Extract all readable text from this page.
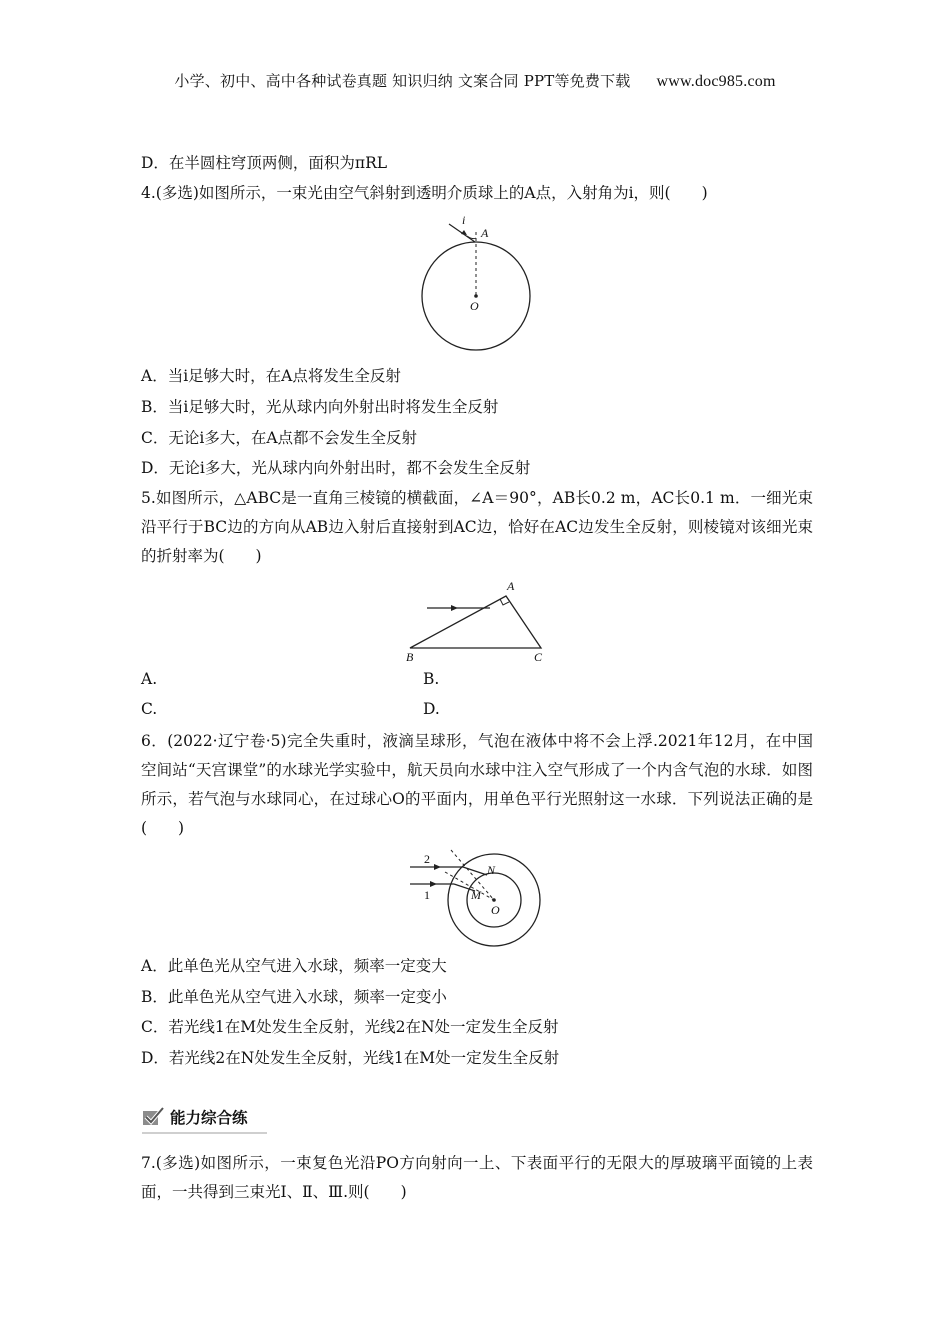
小学、初中、高中各种试卷真题 知识归纳 文案合同 PPT等免费下载 www.doc985.com
D．在半圆柱穹顶两侧，面积为πRL
4.(多选)如图所示，一束光由空气斜射到透明介质球上的A点，入射角为i，则(　　)
i
A
O
A．当i足够大时，在A点将发生全反射
B．当i足够大时，光从球内向外射出时将发生全反射
C．无论i多大，在A点都不会发生全反射
D．无论i多大，光从球内向外射出时，都不会发生全反射
5.如图所示，△ABC是一直角三棱镜的横截面，∠A＝90°，AB长0.2 m，AC长0.1 m．一细光束沿平行于BC边的方向从AB边入射后直接射到AC边，恰好在AC边发生全反射，则棱镜对该细光束的折射率为(　　)
A
B	C
A.	B.
C.	D.
6．(2022·辽宁卷·5)完全失重时，液滴呈球形，气泡在液体中将不会上浮.2021年12月，在中国空间站“天宫课堂”的水球光学实验中，航天员向水球中注入空气形成了一个内含气泡的水球．如图所示，若气泡与水球同心，在过球心O的平面内，用单色平行光照射这一水球．下列说法正确的是(　　)
2
1
N
M
O
A．此单色光从空气进入水球，频率一定变大
B．此单色光从空气进入水球，频率一定变小
C．若光线1在M处发生全反射，光线2在N处一定发生全反射
D．若光线2在N处发生全反射，光线1在M处一定发生全反射
能力综合练
7.(多选)如图所示，一束复色光沿PO方向射向一上、下表面平行的无限大的厚玻璃平面镜的上表面，一共得到三束光Ⅰ、Ⅱ、Ⅲ.则(　　)
